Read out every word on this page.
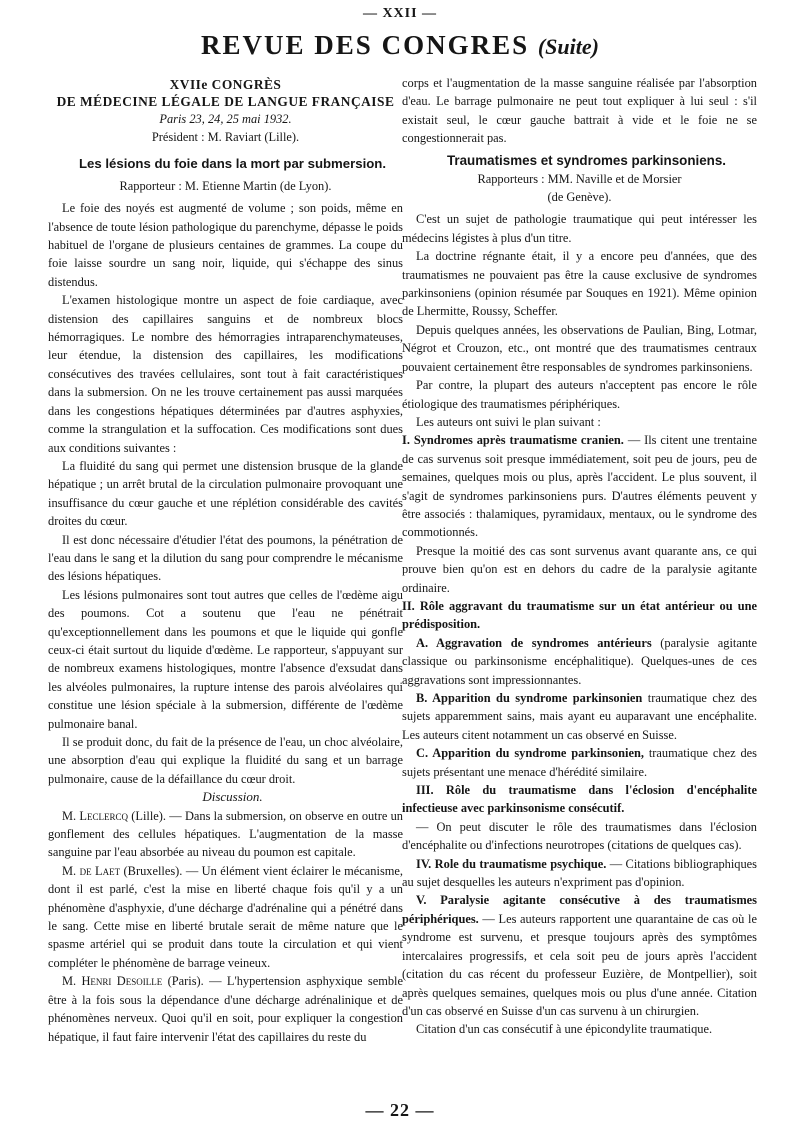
— XXII —
REVUE DES CONGRES (Suite)

XVIIe CONGRÈS

DE MÉDECINE LÉGALE DE LANGUE FRANÇAISE

Paris 23, 24, 25 mai 1932.

Président : M. Raviart (Lille).

Les lésions du foie dans la mort par submersion.

Rapporteur : M. Etienne Martin (de Lyon).

Le foie des noyés est augmenté de volume ; son poids, même en l'absence de toute lésion pathologique du parenchyme, dépasse le poids habituel de l'organe de plusieurs centaines de grammes. La coupe du foie laisse sourdre un sang noir, liquide, qui s'échappe des sinus distendus.

L'examen histologique montre un aspect de foie cardiaque, avec distension des capillaires sanguins et de nombreux blocs hémorragiques. Le nombre des hémorragies intraparenchymateuses, leur étendue, la distension des capillaires, les modifications consécutives des travées cellulaires, sont tout à fait caractéristiques dans la submersion. On ne les trouve certainement pas aussi marquées dans les congestions hépatiques déterminées par d'autres asphyxies, comme la strangulation et la suffocation. Ces modifications sont dues aux conditions suivantes :

La fluidité du sang qui permet une distension brusque de la glande hépatique ; un arrêt brutal de la circulation pulmonaire provoquant une insuffisance du cœur gauche et une réplétion considérable des cavités droites du cœur.

Il est donc nécessaire d'étudier l'état des poumons, la pénétration de l'eau dans le sang et la dilution du sang pour comprendre le mécanisme des lésions hépatiques.

Les lésions pulmonaires sont tout autres que celles de l'œdème aigu des poumons. Cot a soutenu que l'eau ne pénétrait qu'exceptionnellement dans les poumons et que le liquide qui gonfle ceux-ci était surtout du liquide d'œdème. Le rapporteur, s'appuyant sur de nombreux examens histologiques, montre l'absence d'exsudat dans les alvéoles pulmonaires, la rupture intense des parois alvéolaires qui constitue une lésion spéciale à la submersion, différente de l'œdème pulmonaire banal.

Il se produit donc, du fait de la présence de l'eau, un choc alvéolaire, une absorption d'eau qui explique la fluidité du sang et un barrage pulmonaire, cause de la défaillance du cœur droit.

Discussion.

M. Leclercq (Lille). — Dans la submersion, on observe en outre un gonflement des cellules hépatiques. L'augmentation de la masse sanguine par l'eau absorbée au niveau du poumon est capitale.

M. de Laet (Bruxelles). — Un élément vient éclairer le mécanisme, dont il est parlé, c'est la mise en liberté chaque fois qu'il y a un phénomène d'asphyxie, d'une décharge d'adrénaline qui a pénétré dans le sang. Cette mise en liberté brutale serait de même nature que le spasme artériel qui se produit dans toute la circulation et qui vient compléter le phénomène de barrage veineux.

M. Henri Desoille (Paris). — L'hypertension asphyxique semble être à la fois sous la dépendance d'une décharge adrénalinique et de phénomènes nerveux. Quoi qu'il en soit, pour expliquer la congestion hépatique, il faut faire intervenir l'état des capillaires du reste du

corps et l'augmentation de la masse sanguine réalisée par l'absorption d'eau. Le barrage pulmonaire ne peut tout expliquer à lui seul : s'il existait seul, le cœur gauche battrait à vide et le foie ne se congestionnerait pas.

Traumatismes et syndromes parkinsoniens.

Rapporteurs : MM. Naville et de Morsier

(de Genève).

C'est un sujet de pathologie traumatique qui peut intéresser les médecins légistes à plus d'un titre.

La doctrine régnante était, il y a encore peu d'années, que des traumatismes ne pouvaient pas être la cause exclusive de syndromes parkinsoniens (opinion résumée par Souques en 1921). Même opinion de Lhermitte, Roussy, Scheffer.

Depuis quelques années, les observations de Paulian, Bing, Lotmar, Négrot et Crouzon, etc., ont montré que des traumatismes centraux pouvaient certainement être responsables de syndromes parkinsoniens.

Par contre, la plupart des auteurs n'acceptent pas encore le rôle étiologique des traumatismes périphériques.

Les auteurs ont suivi le plan suivant :

I. Syndromes après traumatisme cranien. — Ils citent une trentaine de cas survenus soit presque immédiatement, soit peu de jours, peu de semaines, quelques mois ou plus, après l'accident. Le plus souvent, il s'agit de syndromes parkinsoniens purs. D'autres éléments peuvent y être associés : thalamiques, pyramidaux, mentaux, ou le syndrome des commotionnés.

Presque la moitié des cas sont survenus avant quarante ans, ce qui prouve bien qu'on est en dehors du cadre de la paralysie agitante ordinaire.

II. Rôle aggravant du traumatisme sur un état antérieur ou une prédisposition.

A. Aggravation de syndromes antérieurs (paralysie agitante classique ou parkinsonisme encéphalitique). Quelques-unes de ces aggravations sont impressionnantes.

B. Apparition du syndrome parkinsonien traumatique chez des sujets apparemment sains, mais ayant eu auparavant une encéphalite. Les auteurs citent notamment un cas observé en Suisse.

C. Apparition du syndrome parkinsonien, traumatique chez des sujets présentant une menace d'hérédité similaire.

III. Rôle du traumatisme dans l'éclosion d'encéphalite infectieuse avec parkinsonisme consécutif.

— On peut discuter le rôle des traumatismes dans l'éclosion d'encéphalite ou d'infections neurotropes (citations de quelques cas).

IV. Role du traumatisme psychique. — Citations bibliographiques au sujet desquelles les auteurs n'expriment pas d'opinion.

V. Paralysie agitante consécutive à des traumatismes périphériques. — Les auteurs rapportent une quarantaine de cas où le syndrome est survenu, et presque toujours après des symptômes intercalaires progressifs, et cela soit peu de jours après l'accident (citation du cas récent du professeur Euzière, de Montpellier), soit après quelques semaines, quelques mois ou plus d'une année. Citation d'un cas observé en Suisse d'un cas survenu à un chirurgien.

Citation d'un cas consécutif à une épicondylite traumatique.

— 22 —
